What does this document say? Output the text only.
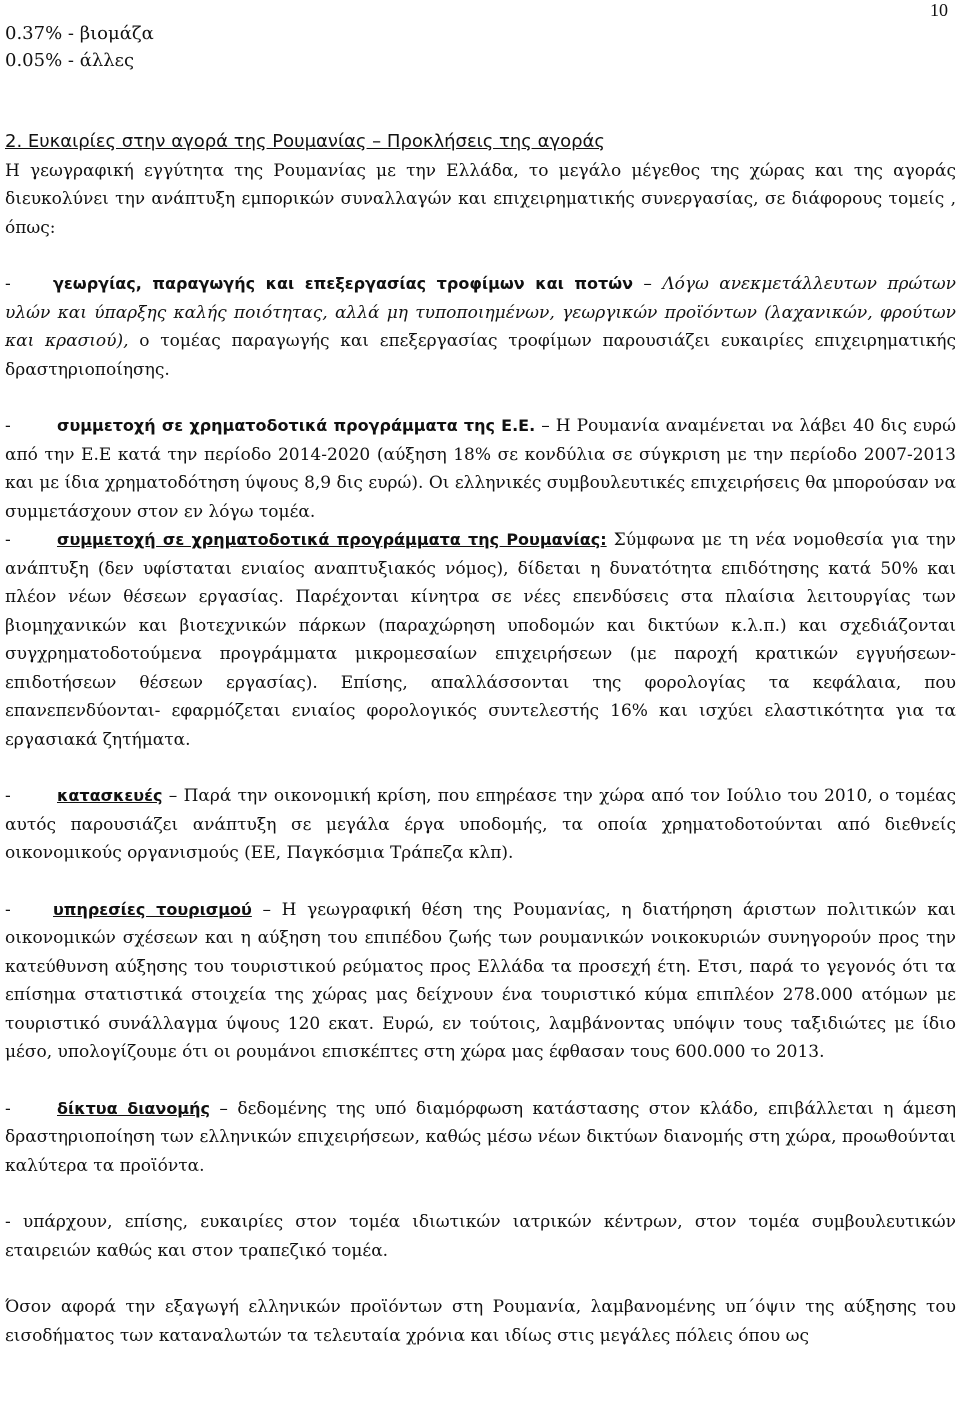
10
0.37% - βιομάζα
0.05% - άλλες
2. Ευκαιρίες στην αγορά της Ρουμανίας – Προκλήσεις της αγοράς

Η γεωγραφική εγγύτητα της Ρουμανίας με την Ελλάδα, το μεγάλο μέγεθος της χώρας και της αγοράς διευκολύνει την ανάπτυξη εμπορικών συναλλαγών και επιχειρηματικής συνεργασίας, σε διάφορους τομείς , όπως:

-	γεωργίας, παραγωγής και επεξεργασίας τροφίμων και ποτών – Λόγω ανεκμετάλλευτων πρώτων υλών και ύπαρξης καλής ποιότητας, αλλά μη τυποποιημένων, γεωργικών προϊόντων (λαχανικών, φρούτων και κρασιού), ο τομέας παραγωγής και επεξεργασίας τροφίμων παρουσιάζει ευκαιρίες επιχειρηματικής δραστηριοποίησης.

-	συμμετοχή σε χρηματοδοτικά προγράμματα της Ε.Ε. – Η Ρουμανία αναμένεται να λάβει 40 δις ευρώ από την Ε.Ε κατά την περίοδο 2014-2020 (αύξηση 18% σε κονδύλια σε σύγκριση με την περίοδο 2007-2013 και με ίδια χρηματοδότηση ύψους 8,9 δις ευρώ). Οι ελληνικές συμβουλευτικές επιχειρήσεις θα μπορούσαν να συμμετάσχουν στον εν λόγω τομέα.

-	συμμετοχή σε χρηματοδοτικά προγράμματα της Ρουμανίας: Σύμφωνα με τη νέα νομοθεσία για την ανάπτυξη (δεν υφίσταται ενιαίος αναπτυξιακός νόμος), δίδεται η δυνατότητα επιδότησης κατά 50% και πλέον νέων θέσεων εργασίας. Παρέχονται κίνητρα σε νέες επενδύσεις στα πλαίσια λειτουργίας των βιομηχανικών και βιοτεχνικών πάρκων (παραχώρηση υποδομών και δικτύων κ.λ.π.) και σχεδιάζονται συγχρηματοδοτούμενα προγράμματα μικρομεσαίων επιχειρήσεων (με παροχή κρατικών εγγυήσεων-επιδοτήσεων θέσεων εργασίας). Επίσης, απαλλάσσονται της φορολογίας τα κεφάλαια, που επανεπενδύονται- εφαρμόζεται ενιαίος φορολογικός συντελεστής 16% και ισχύει ελαστικότητα για τα εργασιακά ζητήματα.

-	κατασκευές – Παρά την οικονομική κρίση, που επηρέασε την χώρα από τον Ιούλιο του 2010, ο τομέας αυτός παρουσιάζει ανάπτυξη σε μεγάλα έργα υποδομής, τα οποία χρηματοδοτούνται από διεθνείς οικονομικούς οργανισμούς (ΕΕ, Παγκόσμια Τράπεζα κλπ).

-	υπηρεσίες τουρισμού – Η γεωγραφική θέση της Ρουμανίας, η διατήρηση άριστων πολιτικών και οικονομικών σχέσεων και η αύξηση του επιπέδου ζωής των ρουμανικών νοικοκυριών συνηγορούν προς την κατεύθυνση αύξησης του τουριστικού ρεύματος προς Ελλάδα τα προσεχή έτη. Ετσι, παρά το γεγονός ότι τα επίσημα στατιστικά στοιχεία της χώρας μας δείχνουν ένα τουριστικό κύμα επιπλέον 278.000 ατόμων με τουριστικό συνάλλαγμα ύψους 120 εκατ. Ευρώ, εν τούτοις, λαμβάνοντας υπόψιν τους ταξιδιώτες με ίδιο μέσο, υπολογίζουμε ότι οι ρουμάνοι επισκέπτες στη χώρα μας έφθασαν τους 600.000 το 2013.

-	δίκτυα διανομής – δεδομένης της υπό διαμόρφωση κατάστασης στον κλάδο, επιβάλλεται η άμεση δραστηριοποίηση των ελληνικών επιχειρήσεων, καθώς μέσω νέων δικτύων διανομής στη χώρα, προωθούνται καλύτερα τα προϊόντα.

- υπάρχουν, επίσης, ευκαιρίες στον τομέα ιδιωτικών ιατρικών κέντρων, στον τομέα συμβουλευτικών εταιρειών καθώς και στον τραπεζικό τομέα.

Όσον αφορά την εξαγωγή ελληνικών προϊόντων στη Ρουμανία, λαμβανομένης υπ΄όψιν της αύξησης του εισοδήματος των καταναλωτών τα τελευταία χρόνια και ιδίως στις μεγάλες πόλεις όπου ως
